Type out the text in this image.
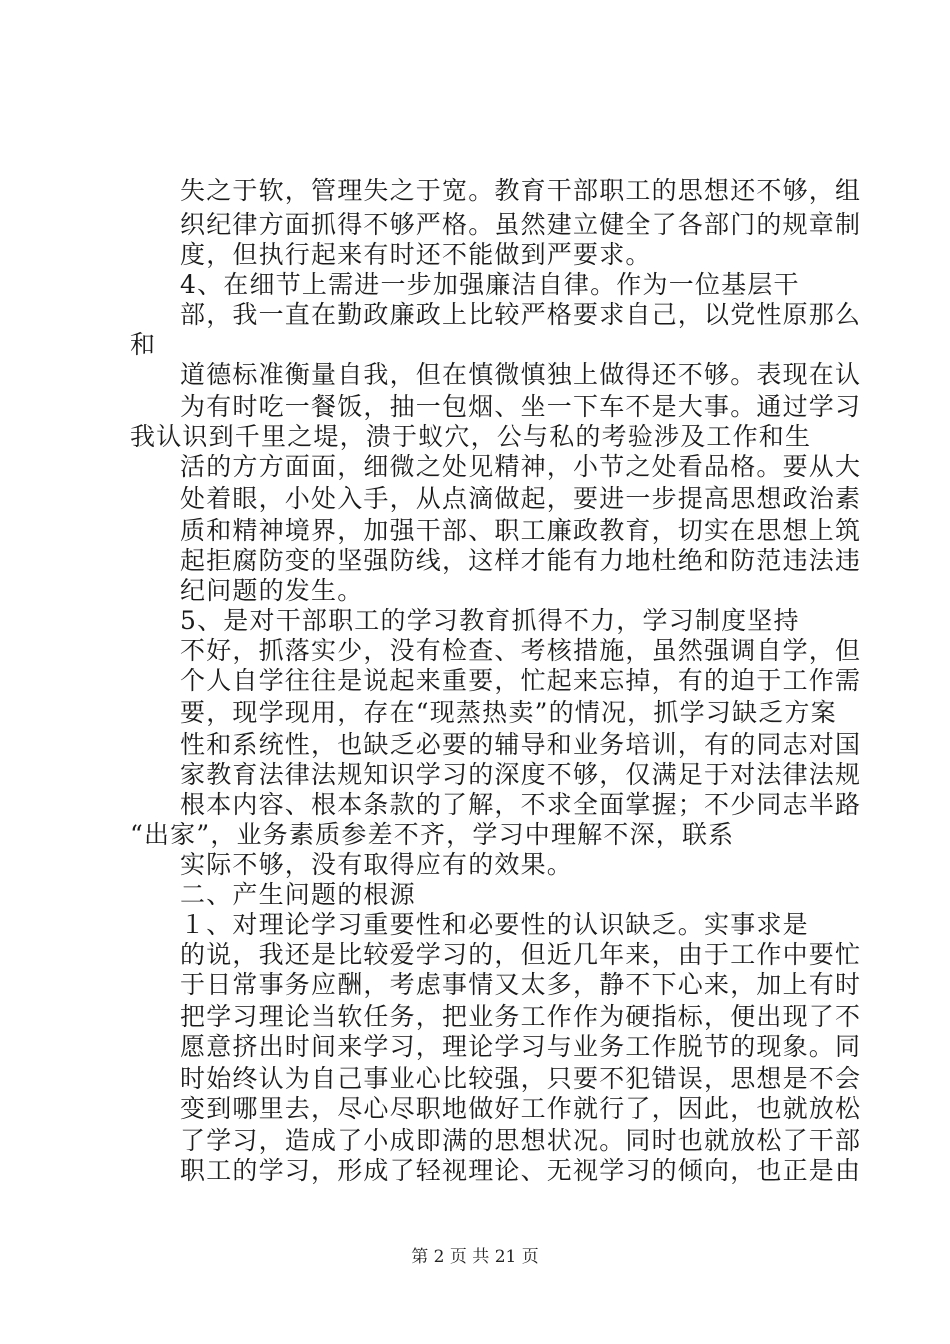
失之于软，管理失之于宽。教育干部职工的思想还不够，组
织纪律方面抓得不够严格。虽然建立健全了各部门的规章制
度，但执行起来有时还不能做到严要求。
4、在细节上需进一步加强廉洁自律。作为一位基层干
部，我一直在勤政廉政上比较严格要求自己，以党性原那么
和
道德标准衡量自我，但在慎微慎独上做得还不够。表现在认
为有时吃一餐饭，抽一包烟、坐一下车不是大事。通过学习
我认识到千里之堤，溃于蚁穴，公与私的考验涉及工作和生
活的方方面面，细微之处见精神，小节之处看品格。要从大
处着眼，小处入手，从点滴做起，要进一步提高思想政治素
质和精神境界，加强干部、职工廉政教育，切实在思想上筑
起拒腐防变的坚强防线，这样才能有力地杜绝和防范违法违
纪问题的发生。
5、是对干部职工的学习教育抓得不力，学习制度坚持
不好，抓落实少，没有检查、考核措施，虽然强调自学，但
个人自学往往是说起来重要，忙起来忘掉，有的迫于工作需
要，现学现用，存在“现蒸热卖”的情况，抓学习缺乏方案
性和系统性，也缺乏必要的辅导和业务培训，有的同志对国
家教育法律法规知识学习的深度不够，仅满足于对法律法规
根本内容、根本条款的了解，不求全面掌握；不少同志半路
“出家”，业务素质参差不齐，学习中理解不深，联系
实际不够，没有取得应有的效果。
二、产生问题的根源
１、对理论学习重要性和必要性的认识缺乏。实事求是
的说，我还是比较爱学习的，但近几年来，由于工作中要忙
于日常事务应酬，考虑事情又太多，静不下心来，加上有时
把学习理论当软任务，把业务工作作为硬指标，便出现了不
愿意挤出时间来学习，理论学习与业务工作脱节的现象。同
时始终认为自己事业心比较强，只要不犯错误，思想是不会
变到哪里去，尽心尽职地做好工作就行了，因此，也就放松
了学习，造成了小成即满的思想状况。同时也就放松了干部
职工的学习，形成了轻视理论、无视学习的倾向，也正是由
第 2 页 共 21 页
